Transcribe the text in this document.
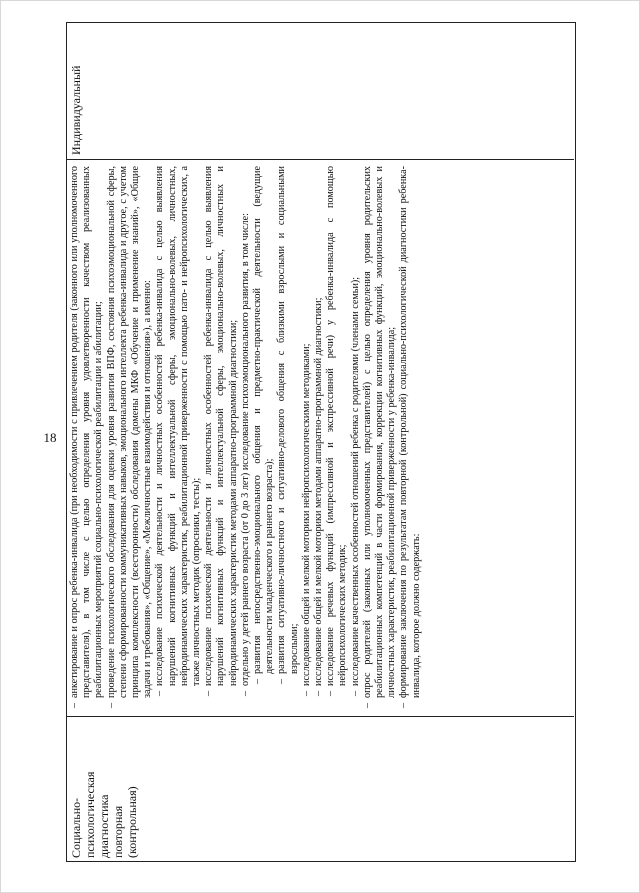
18
Социально- психологическая диагностика повторная (контрольная)

– анкетирование и опрос ребенка-инвалида (при необходимости с привлечением родителя (законного или уполномоченного представителя), в том числе с целью определения уровня удовлетворенности качеством реализованных реабилитационных мероприятий социально-психологической реабилитации и абилитации; – проведение психологического обследования для оценки уровня развития ВПФ, состояния психоэмоциональной сферы, степени сформированности коммуникативных навыков, эмоционального интеллекта ребенка-инвалида и другое, с учетом принципа комплексности (всесторонности) обследования (домены МКФ «Обучение и применение знаний», «Общие задачи и требования», «Общение», «Межличностные взаимодействия и отношения»), а именно: – исследование психической деятельности и личностных особенностей ребенка-инвалида с целью выявления нарушений когнитивных функций и интеллектуальной сферы, эмоционально-волевых, личностных, нейродинамических характеристик, реабилитационной приверженности с помощью пато- и нейропсихологических, а также личностных методик (опросники, тесты); – исследование психической деятельности и личностных особенностей ребенка-инвалида с целью выявления нарушений когнитивных функций и интеллектуальной сферы, эмоционально-волевых, личностных и нейродинамических характеристик методами аппаратно-программной диагностики; – отдельно у детей раннего возраста (от 0 до 3 лет) исследование психоэмоционального развития, в том числе: – развития непосредственно-эмоционального общения и предметно-практической деятельности (ведущие деятельности младенческого и раннего возраста); – развития ситуативно-личностного и ситуативно-делового общения с близкими взрослыми и социальными взрослыми; – исследование общей и мелкой моторики нейропсихологическими методиками; – исследование общей и мелкой моторики методами аппаратно-программной диагностики; – исследование речевых функций (импрессивной и экспрессивной речи) у ребенка-инвалида с помощью нейропсихологических методик; – исследование качественных особенностей отношений ребенка с родителями (членами семьи); – опрос родителей (законных или уполномоченных представителей) с целью определения уровня родительских реабилитационных компетенций в части формирования, коррекции когнитивных функций, эмоционально-волевых и личностных характеристик, реабилитационной приверженности у ребенка-инвалида; – формирование заключения по результатам повторной (контрольной) социально-психологической диагностики ребенка-инвалида, которое должно содержать:

Индивидуальный
